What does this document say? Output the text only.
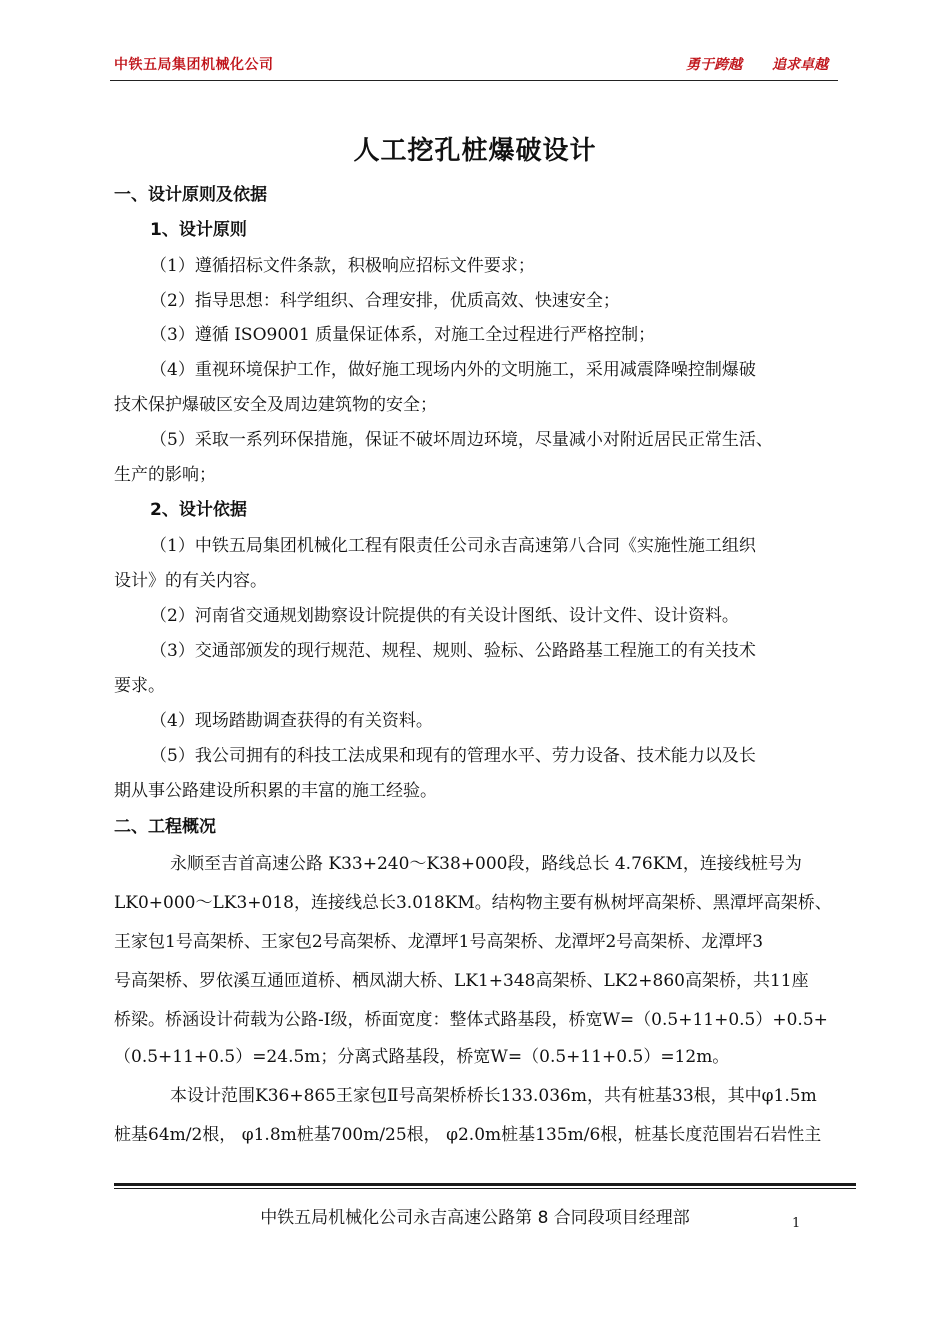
中铁五局集团机械化公司	勇于跨越 追求卓越
人工挖孔桩爆破设计
一、设计原则及依据
1、设计原则
（1）遵循招标文件条款，积极响应招标文件要求；
（2）指导思想：科学组织、合理安排，优质高效、快速安全；
（3）遵循 ISO9001 质量保证体系，对施工全过程进行严格控制；
（4）重视环境保护工作，做好施工现场内外的文明施工，采用减震降噪控制爆破
技术保护爆破区安全及周边建筑物的安全；
（5）采取一系列环保措施，保证不破坏周边环境，尽量减小对附近居民正常生活、
生产的影响；
2、设计依据
（1）中铁五局集团机械化工程有限责任公司永吉高速第八合同《实施性施工组织
设计》的有关内容。
（2）河南省交通规划勘察设计院提供的有关设计图纸、设计文件、设计资料。
（3）交通部颁发的现行规范、规程、规则、验标、公路路基工程施工的有关技术
要求。
（4）现场踏勘调查获得的有关资料。
（5）我公司拥有的科技工法成果和现有的管理水平、劳力设备、技术能力以及长
期从事公路建设所积累的丰富的施工经验。
二、工程概况
永顺至吉首高速公路 K33+240～K38+000段，路线总长 4.76KM，连接线桩号为
LK0+000～LK3+018，连接线总长3.018KM。结构物主要有枞树坪高架桥、黑潭坪高架桥、
王家包1号高架桥、王家包2号高架桥、龙潭坪1号高架桥、龙潭坪2号高架桥、龙潭坪3
号高架桥、罗依溪互通匝道桥、栖凤湖大桥、LK1+348高架桥、LK2+860高架桥，共11座
桥梁。桥涵设计荷载为公路-I级，桥面宽度：整体式路基段，桥宽W=（0.5+11+0.5）+0.5+
（0.5+11+0.5）=24.5m；分离式路基段，桥宽W=（0.5+11+0.5）=12m。
本设计范围K36+865王家包Ⅱ号高架桥桥长133.036m，共有桩基33根，其中φ1.5m
桩基64m/2根， φ1.8m桩基700m/25根， φ2.0m桩基135m/6根，桩基长度范围岩石岩性主
中铁五局机械化公司永吉高速公路第 8 合同段项目经理部	1
